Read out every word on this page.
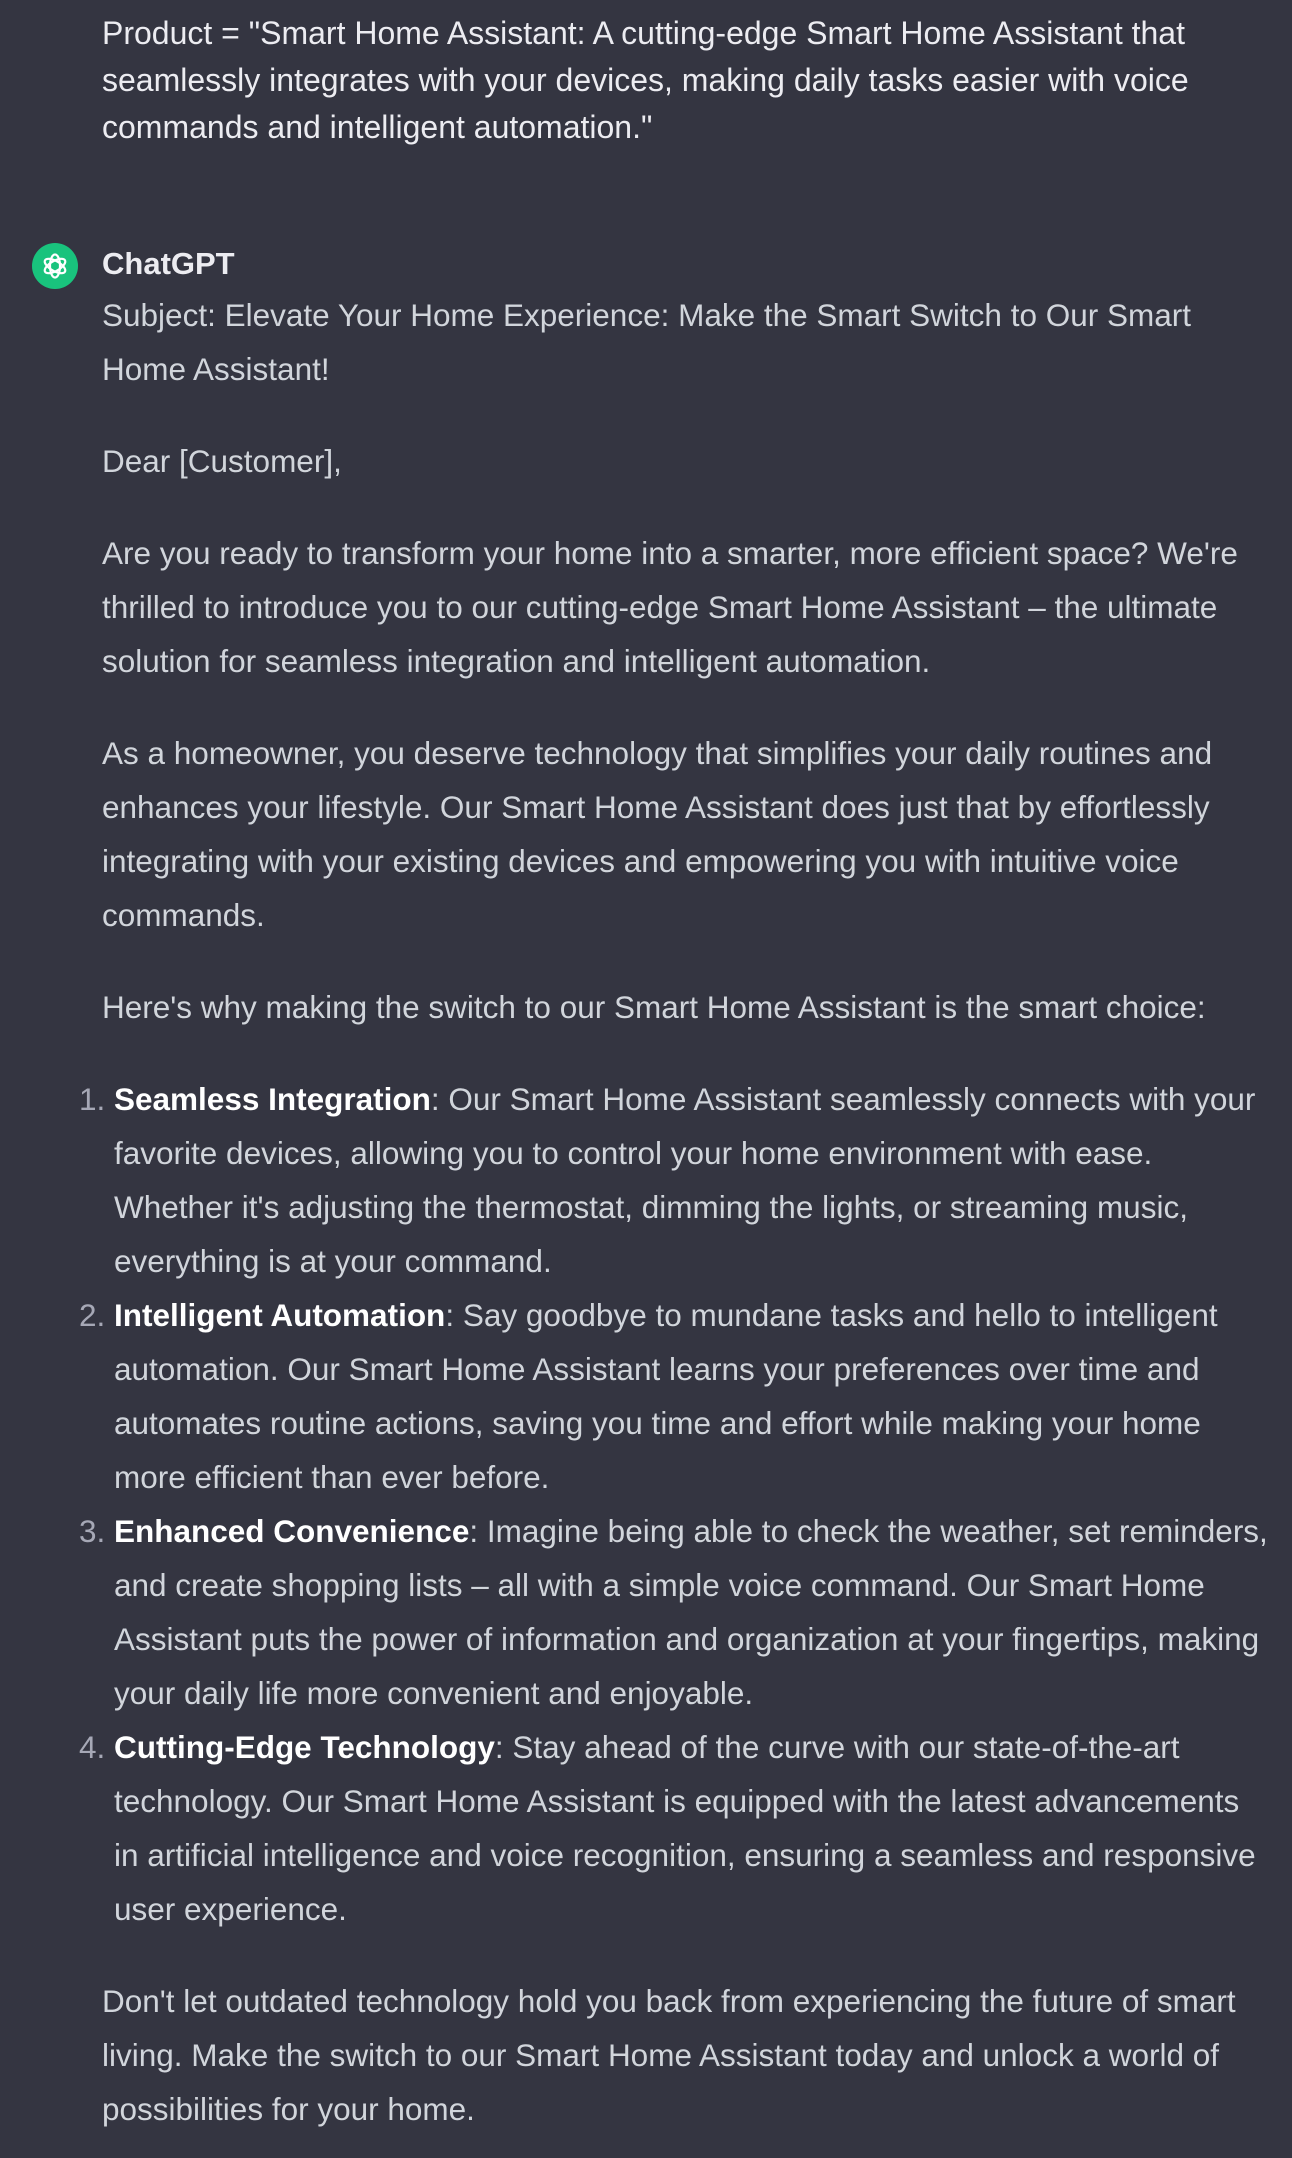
Product = "Smart Home Assistant: A cutting-edge Smart Home Assistant that seamlessly integrates with your devices, making daily tasks easier with voice commands and intelligent automation."
ChatGPT

Subject: Elevate Your Home Experience: Make the Smart Switch to Our Smart Home Assistant!

Dear [Customer],

Are you ready to transform your home into a smarter, more efficient space? We're thrilled to introduce you to our cutting-edge Smart Home Assistant – the ultimate solution for seamless integration and intelligent automation.

As a homeowner, you deserve technology that simplifies your daily routines and enhances your lifestyle. Our Smart Home Assistant does just that by effortlessly integrating with your existing devices and empowering you with intuitive voice commands.

Here's why making the switch to our Smart Home Assistant is the smart choice:

1. Seamless Integration: Our Smart Home Assistant seamlessly connects with your favorite devices, allowing you to control your home environment with ease. Whether it's adjusting the thermostat, dimming the lights, or streaming music, everything is at your command.
2. Intelligent Automation: Say goodbye to mundane tasks and hello to intelligent automation. Our Smart Home Assistant learns your preferences over time and automates routine actions, saving you time and effort while making your home more efficient than ever before.
3. Enhanced Convenience: Imagine being able to check the weather, set reminders, and create shopping lists – all with a simple voice command. Our Smart Home Assistant puts the power of information and organization at your fingertips, making your daily life more convenient and enjoyable.
4. Cutting-Edge Technology: Stay ahead of the curve with our state-of-the-art technology. Our Smart Home Assistant is equipped with the latest advancements in artificial intelligence and voice recognition, ensuring a seamless and responsive user experience.

Don't let outdated technology hold you back from experiencing the future of smart living. Make the switch to our Smart Home Assistant today and unlock a world of possibilities for your home.
